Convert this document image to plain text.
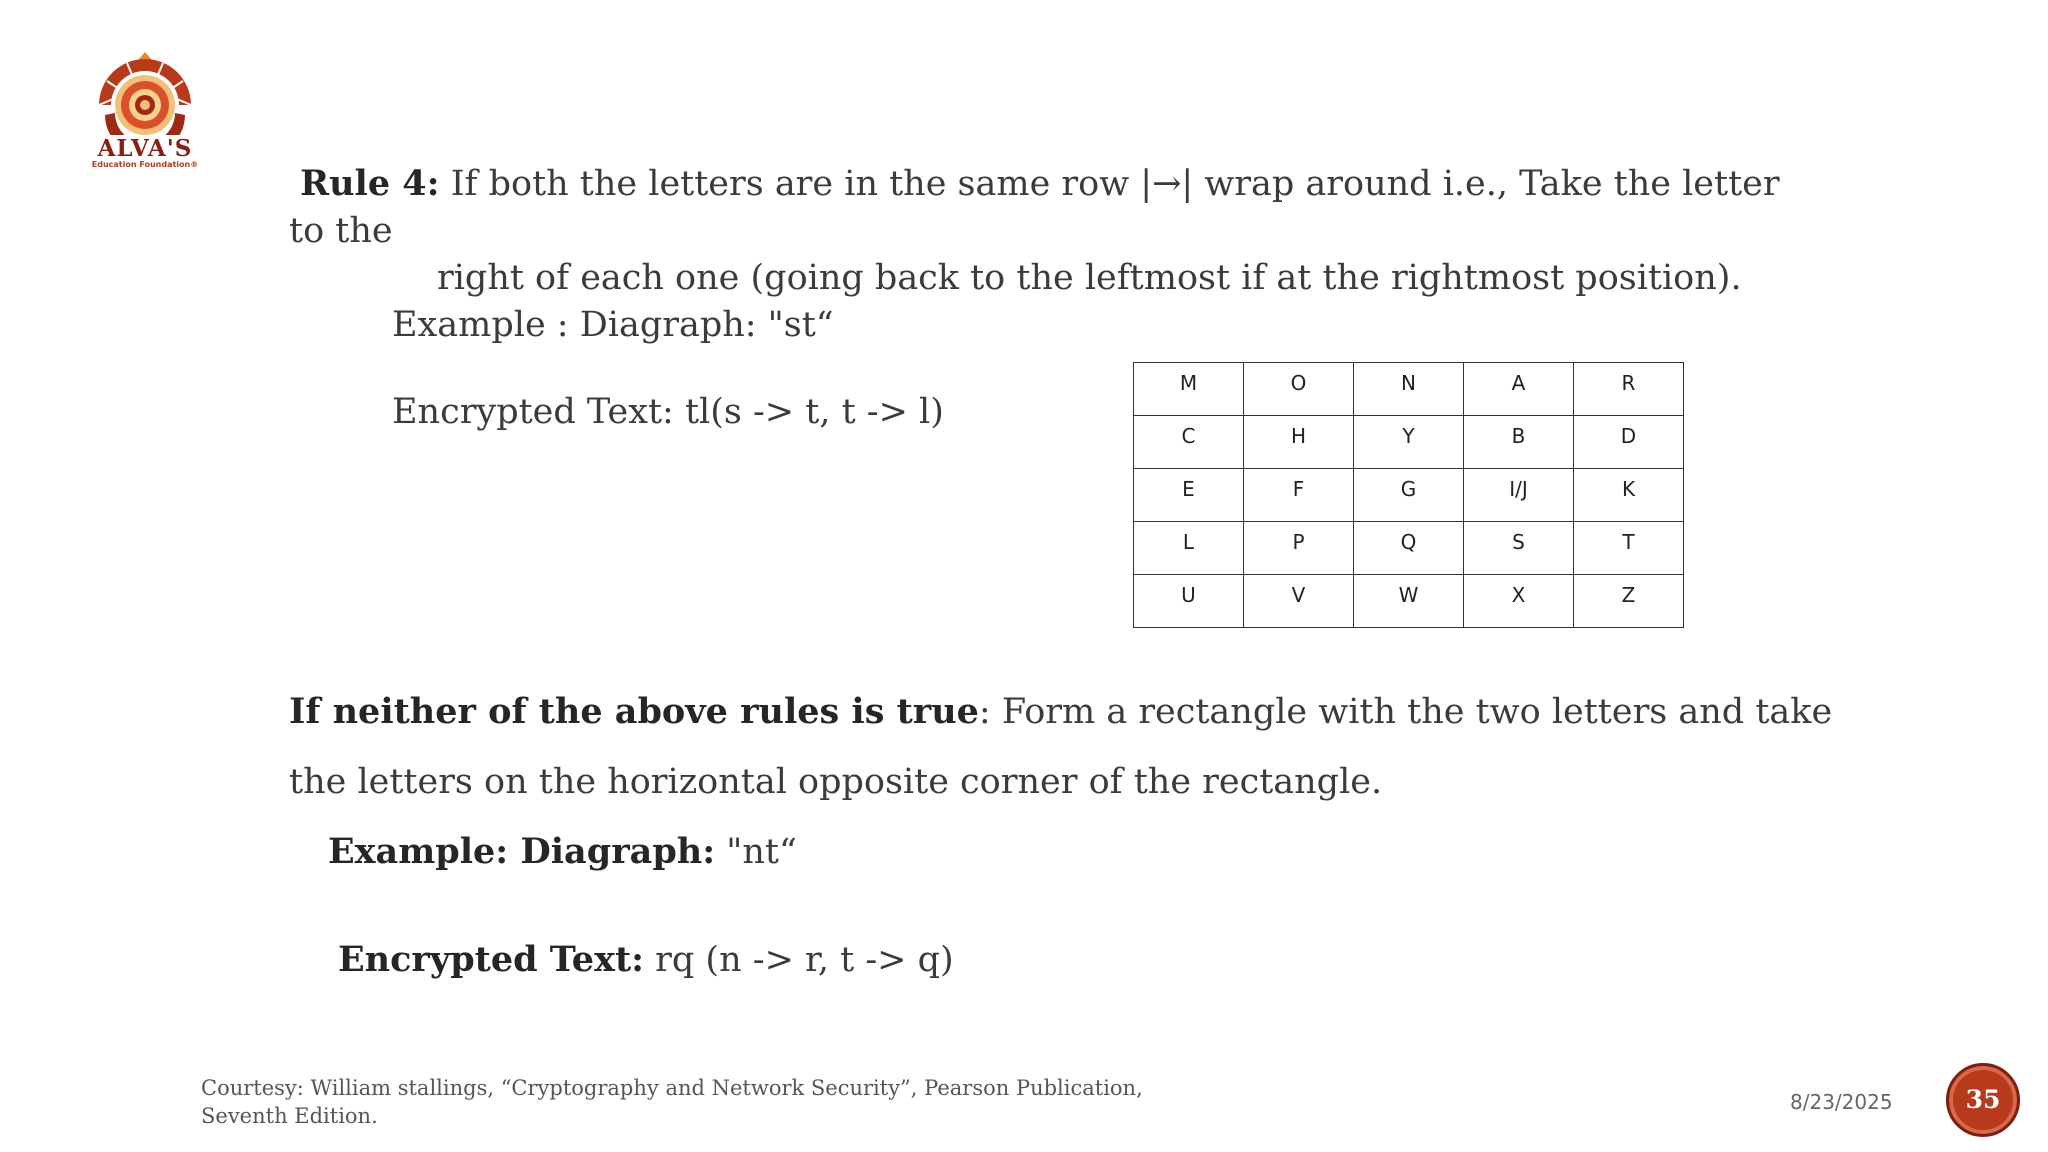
ALVA'S
Education Foundation®	Rule 4: If both the letters are in the same row |→| wrap around i.e., Take the letter
to the
right of each one (going back to the leftmost if at the rightmost position).
Example : Diagraph: "st“
Encrypted Text: tl(s -> t, t -> l)
M	O	N	A	R
C	H	Y	B	D
E	F	G	I/J	K
L	P	Q	S	T
U	V	W	X	Z
If neither of the above rules is true: Form a rectangle with the two letters and take
the letters on the horizontal opposite corner of the rectangle.
Example: Diagraph: "nt“
Encrypted Text: rq (n -> r, t -> q)
Courtesy: William stallings, “Cryptography and Network Security”, Pearson Publication,
Seventh Edition.
8/23/2025	35
